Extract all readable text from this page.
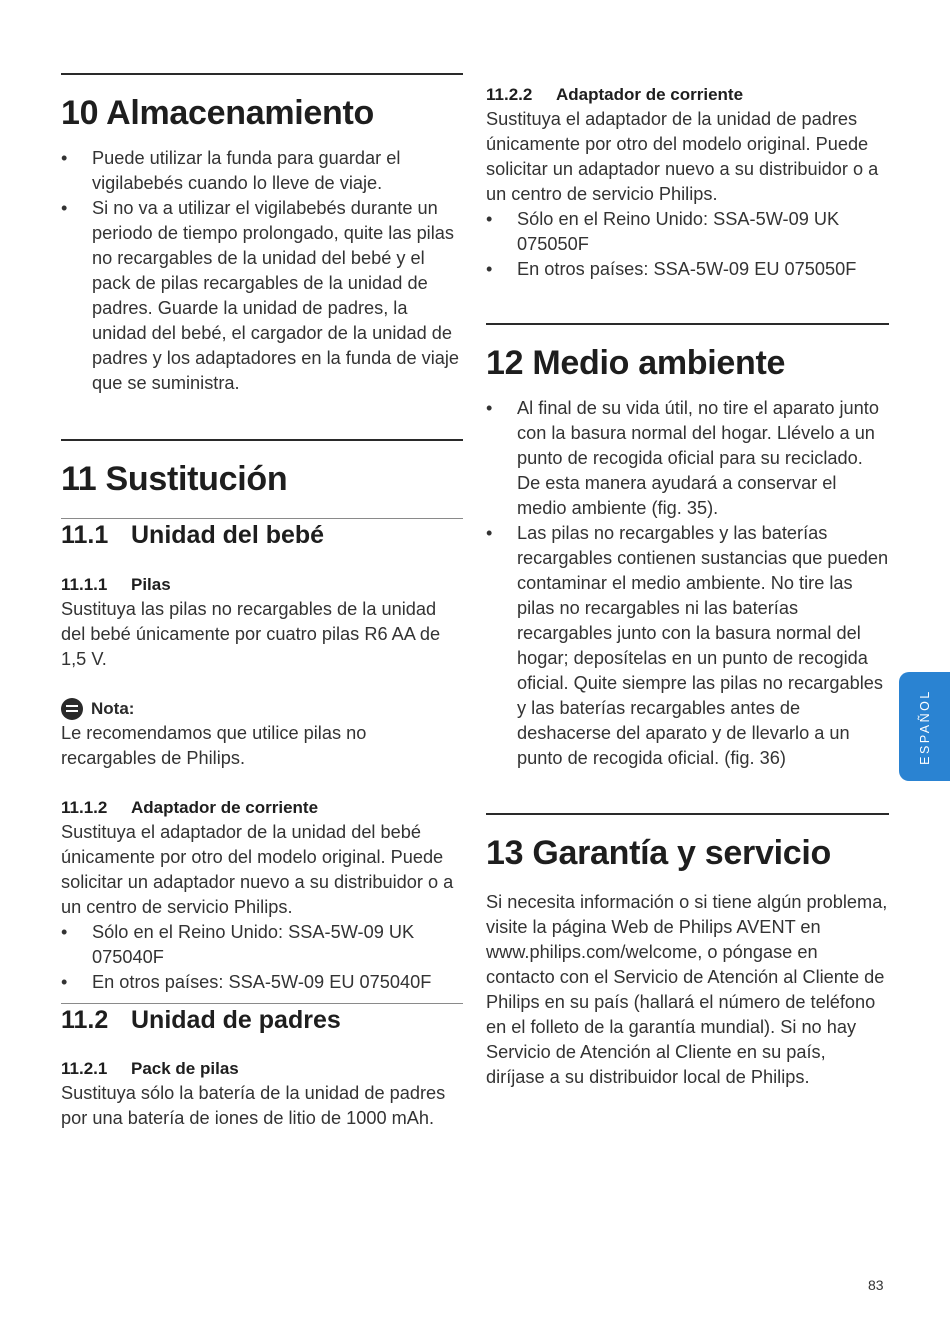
10 Almacenamiento
• Puede utilizar la funda para guardar el vigilabebés cuando lo lleve de viaje.
• Si no va a utilizar el vigilabebés durante un periodo de tiempo prolongado, quite las pilas no recargables de la unidad del bebé y el pack de pilas recargables de la unidad de padres. Guarde la unidad de padres, la unidad del bebé, el cargador de la unidad de padres y los adaptadores en la funda de viaje que se suministra.
11 Sustitución
11.1 Unidad del bebé
11.1.1 Pilas

Sustituya las pilas no recargables de la unidad del bebé únicamente por cuatro pilas R6 AA de 1,5 V.

Nota:

Le recomendamos que utilice pilas no recargables de Philips.

11.1.2 Adaptador de corriente

Sustituya el adaptador de la unidad del bebé únicamente por otro del modelo original. Puede solicitar un adaptador nuevo a su distribuidor o a un centro de servicio Philips.

• Sólo en el Reino Unido: SSA-5W-09 UK 075040F
• En otros países: SSA-5W-09 EU 075040F
11.2 Unidad de padres
11.2.1 Pack de pilas

Sustituya sólo la batería de la unidad de padres por una batería de iones de litio de 1000 mAh.

11.2.2 Adaptador de corriente

Sustituya el adaptador de la unidad de padres únicamente por otro del modelo original. Puede solicitar un adaptador nuevo a su distribuidor o a un centro de servicio Philips.

• Sólo en el Reino Unido: SSA-5W-09 UK 075050F
• En otros países: SSA-5W-09 EU 075050F
12 Medio ambiente
• Al final de su vida útil, no tire el aparato junto con la basura normal del hogar. Llévelo a un punto de recogida oficial para su reciclado. De esta manera ayudará a conservar el medio ambiente (fig. 35).
• Las pilas no recargables y las baterías recargables contienen sustancias que pueden contaminar el medio ambiente. No tire las pilas no recargables ni las baterías recargables junto con la basura normal del hogar; deposítelas en un punto de recogida oficial. Quite siempre las pilas no recargables y las baterías recargables antes de deshacerse del aparato y de llevarlo a un punto de recogida oficial. (fig. 36)
13 Garantía y servicio

Si necesita información o si tiene algún problema, visite la página Web de Philips AVENT en www.philips.com/welcome, o póngase en contacto con el Servicio de Atención al Cliente de Philips en su país (hallará el número de teléfono en el folleto de la garantía mundial). Si no hay Servicio de Atención al Cliente en su país, diríjase a su distribuidor local de Philips.

ESPAÑOL
83
